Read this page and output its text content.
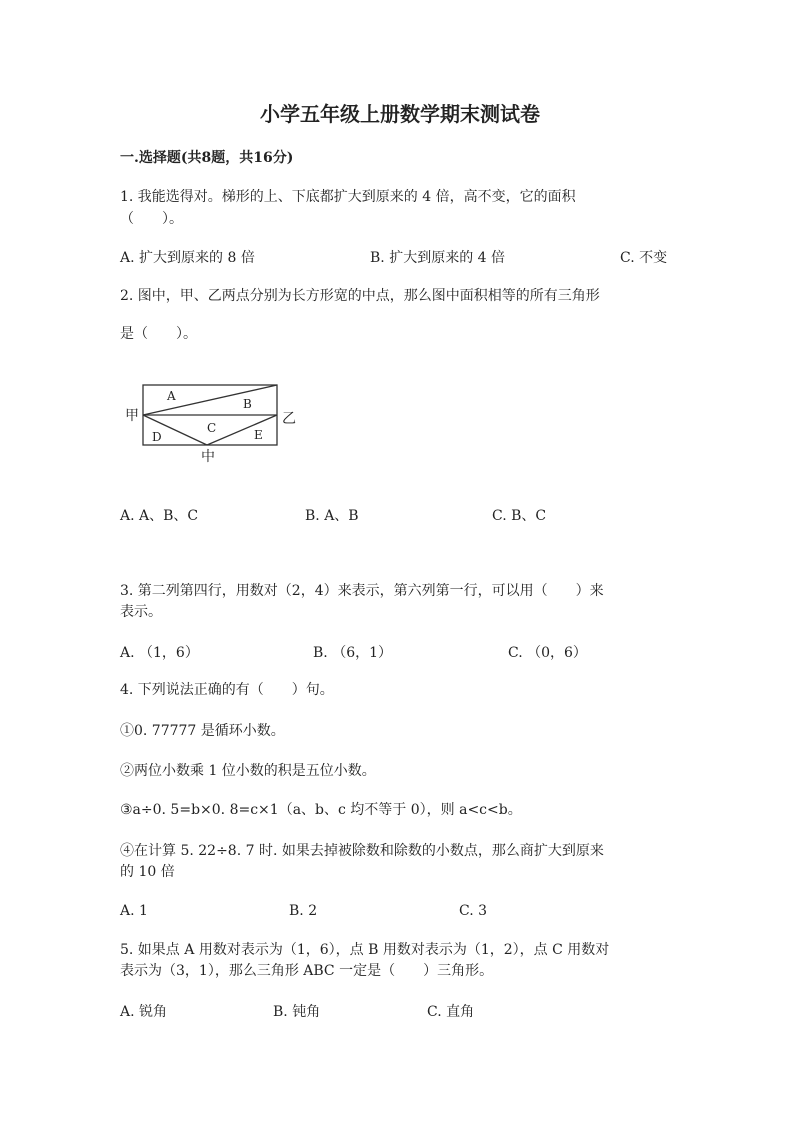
小学五年级上册数学期末测试卷
一.选择题(共8题，共16分)
1. 我能选得对。梯形的上、下底都扩大到原来的 4 倍，高不变，它的面积
（　　）。
A. 扩大到原来的 8 倍	B. 扩大到原来的 4 倍	C. 不变
2. 图中，甲、乙两点分别为长方形宽的中点，那么图中面积相等的所有三角形
是（　　）。
A
B
C
D	E
甲	乙
中
A. A、B、C	B. A、B	C. B、C
3. 第二列第四行，用数对（2，4）来表示，第六列第一行，可以用（　　）来
表示。
A. （1，6）	B. （6，1）	C. （0，6）
4. 下列说法正确的有（　　）句。
①0. 77777 是循环小数。
②两位小数乘 1 位小数的积是五位小数。
③a÷0. 5=b×0. 8=c×1（a、b、c 均不等于 0），则 a<c<b。
④在计算 5. 22÷8. 7 时. 如果去掉被除数和除数的小数点，那么商扩大到原来
的 10 倍
A. 1	B. 2	C. 3
5. 如果点 A 用数对表示为（1，6），点 B 用数对表示为（1，2），点 C 用数对
表示为（3，1），那么三角形 ABC 一定是（　　）三角形。
A. 锐角	B. 钝角	C. 直角
